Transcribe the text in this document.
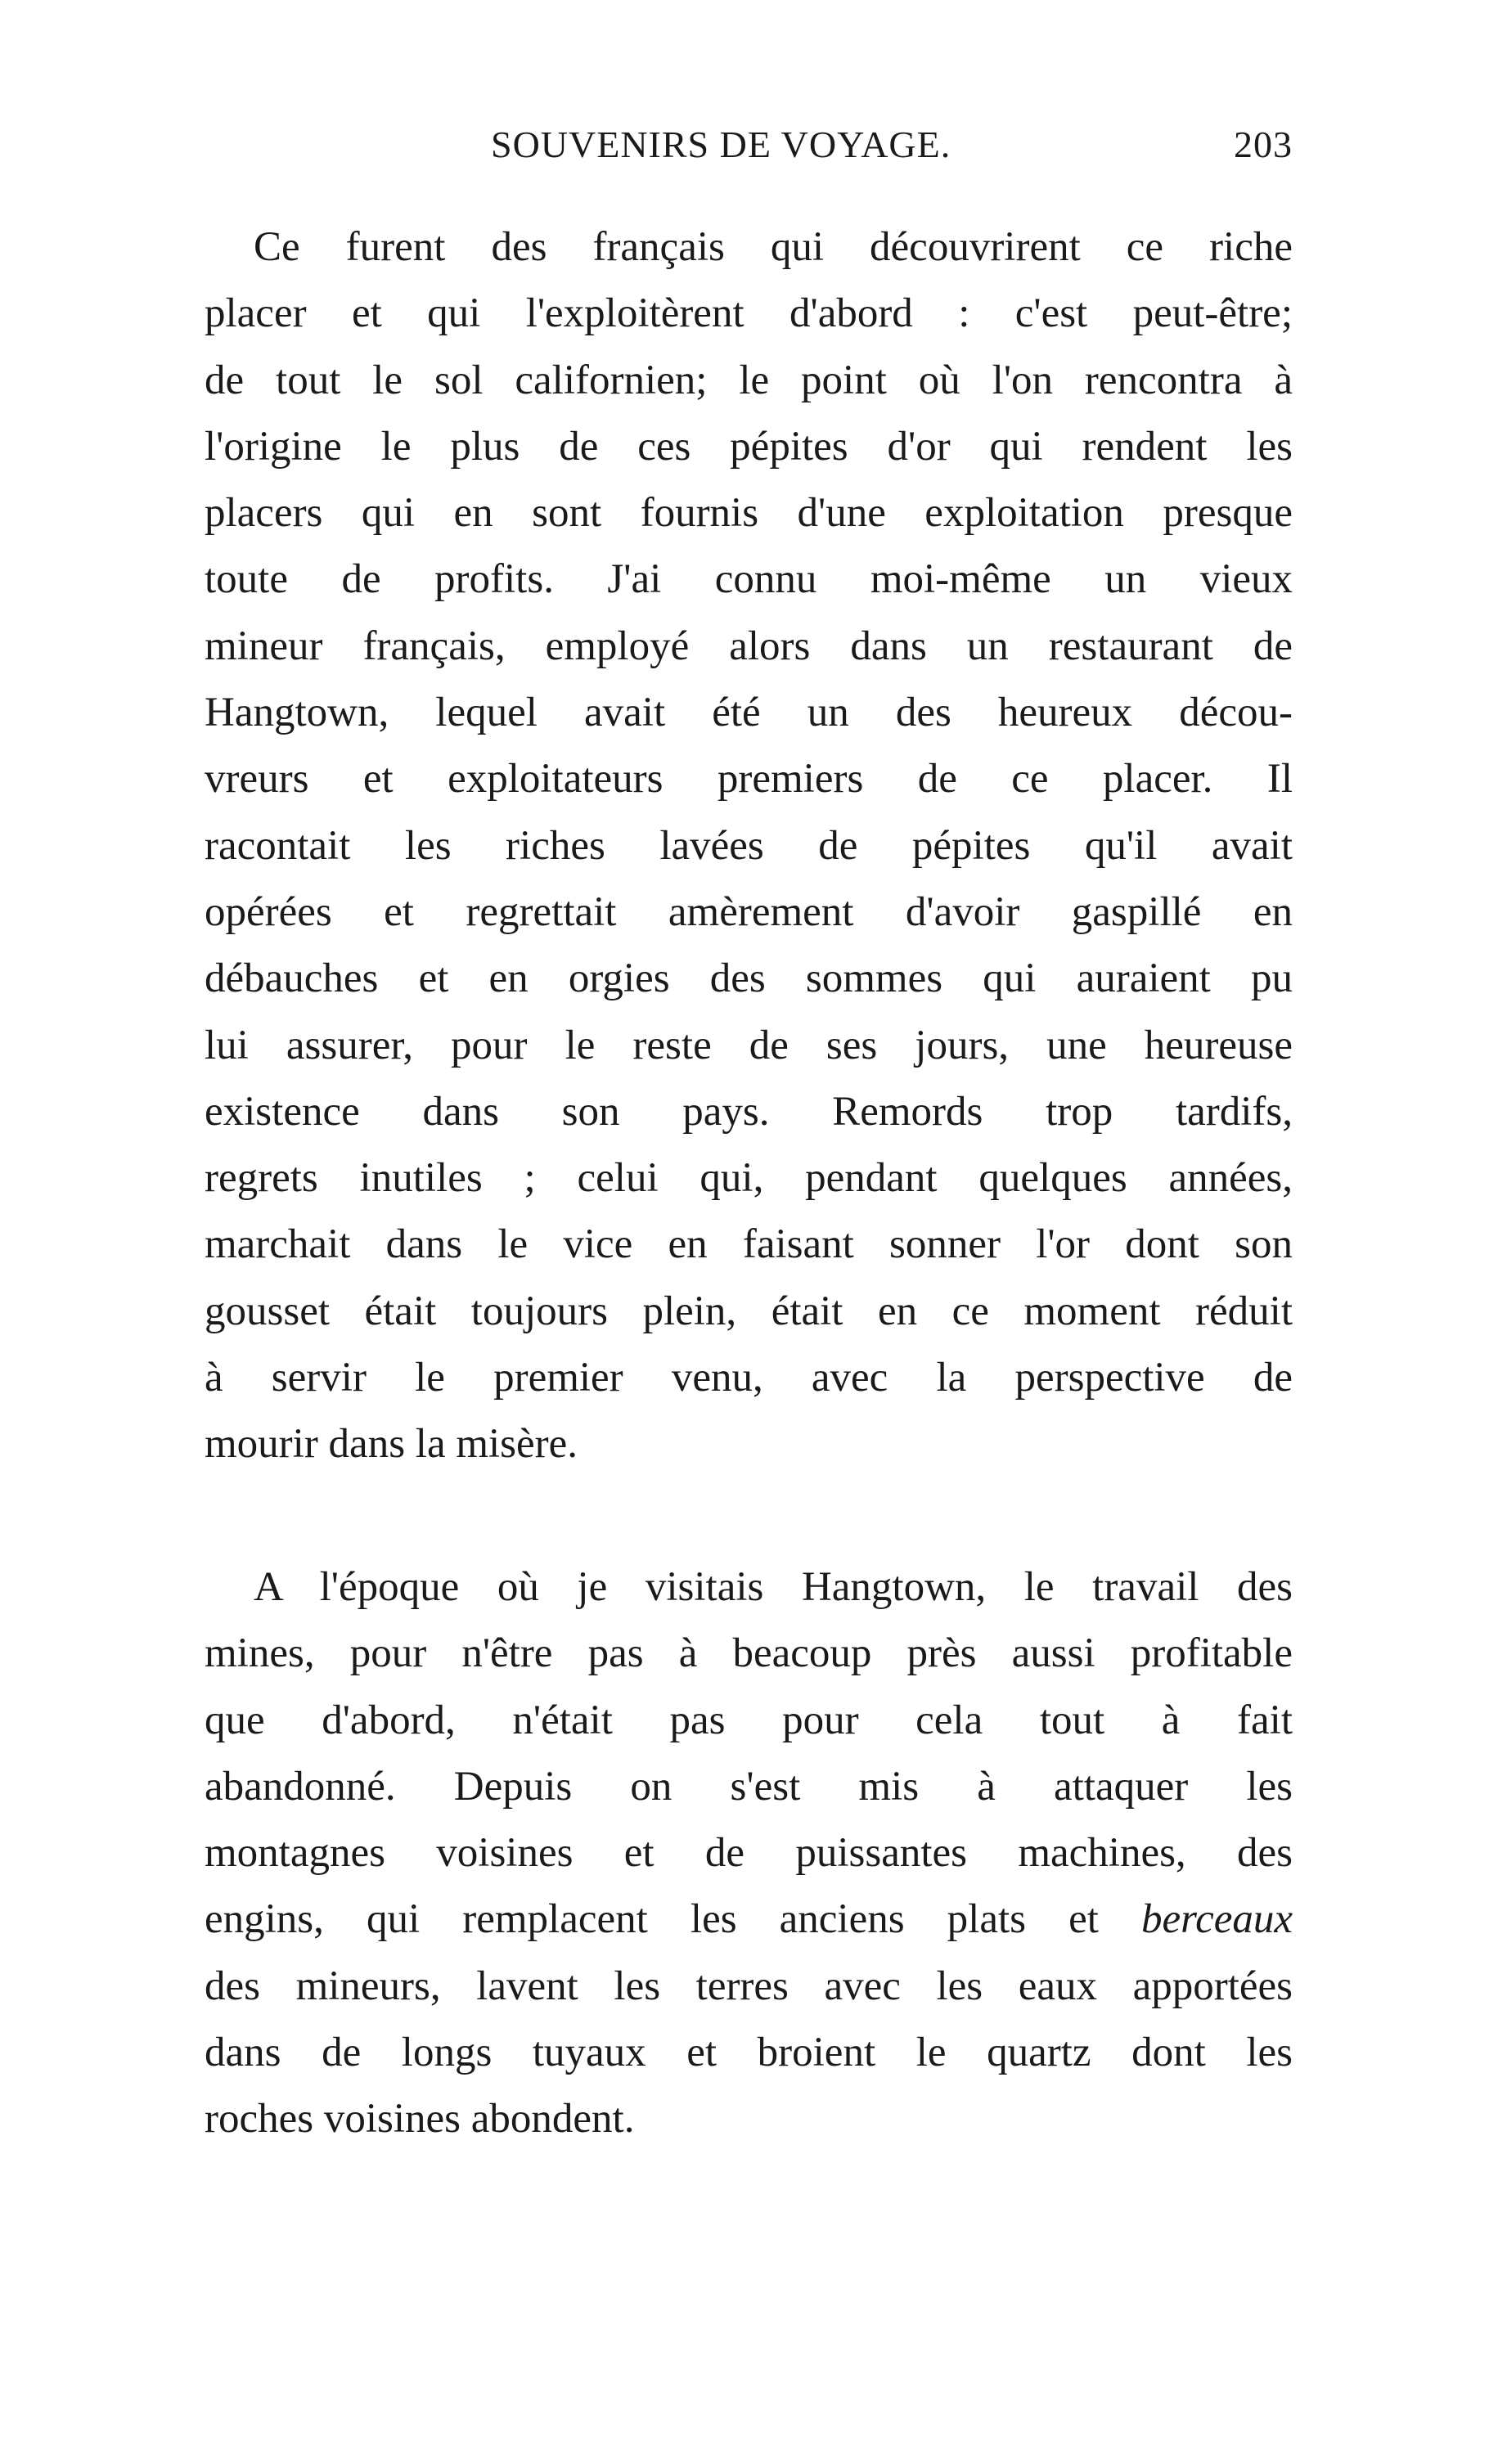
SOUVENIRS DE VOYAGE.	203
Ce furent des français qui découvrirent ce riche
placer et qui l'exploitèrent d'abord : c'est peut-être;
de tout le sol californien; le point où l'on rencontra à
l'origine le plus de ces pépites d'or qui rendent les
placers qui en sont fournis d'une exploitation presque
toute de profits. J'ai connu moi-même un vieux
mineur français, employé alors dans un restaurant de
Hangtown, lequel avait été un des heureux décou-
vreurs et exploitateurs premiers de ce placer. Il
racontait les riches lavées de pépites qu'il avait
opérées et regrettait amèrement d'avoir gaspillé en
débauches et en orgies des sommes qui auraient pu
lui assurer, pour le reste de ses jours, une heureuse
existence dans son pays. Remords trop tardifs,
regrets inutiles ; celui qui, pendant quelques années,
marchait dans le vice en faisant sonner l'or dont son
gousset était toujours plein, était en ce moment réduit
à servir le premier venu, avec la perspective de
mourir dans la misère.
A l'époque où je visitais Hangtown, le travail des
mines, pour n'être pas à beacoup près aussi profitable
que d'abord, n'était pas pour cela tout à fait
abandonné. Depuis on s'est mis à attaquer les
montagnes voisines et de puissantes machines, des
engins, qui remplacent les anciens plats et berceaux
des mineurs, lavent les terres avec les eaux apportées
dans de longs tuyaux et broient le quartz dont les
roches voisines abondent.
